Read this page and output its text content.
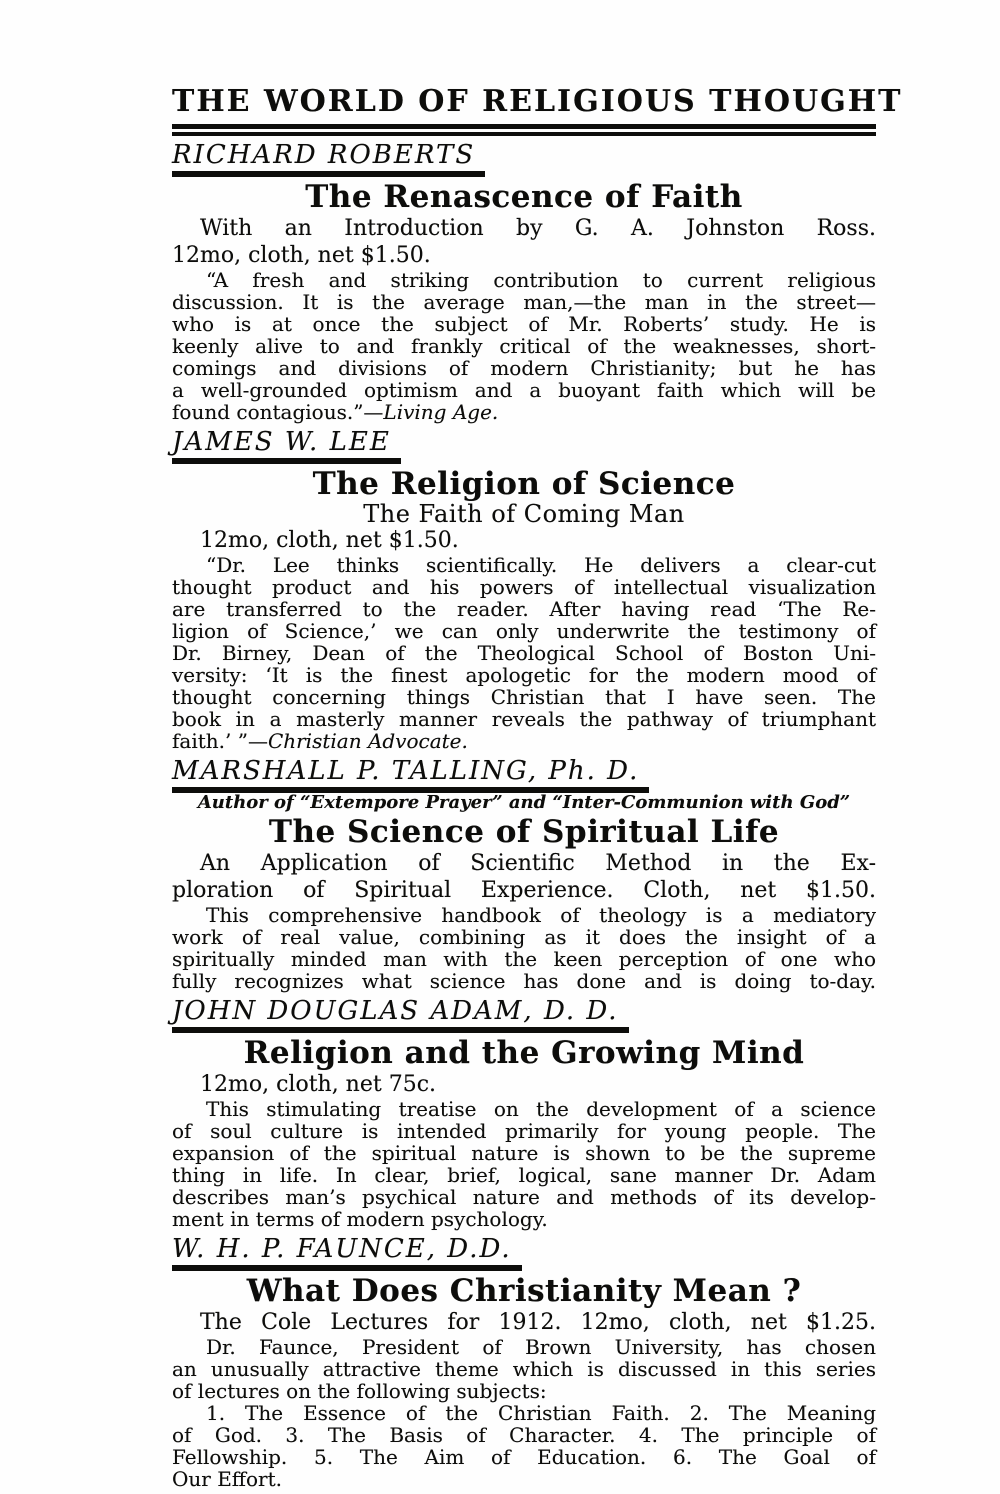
THE WORLD OF RELIGIOUS THOUGHT
RICHARD ROBERTS
The Renascence of Faith
With an Introduction by G. A. Johnston Ross.
12mo, cloth, net $1.50.
“A fresh and striking contribution to current religious
discussion. It is the average man,—the man in the street—
who is at once the subject of Mr. Roberts’ study. He is
keenly alive to and frankly critical of the weaknesses, short-
comings and divisions of modern Christianity; but he has
a well-grounded optimism and a buoyant faith which will be
found contagious.”—Living Age.
JAMES W. LEE
The Religion of Science
The Faith of Coming Man
12mo, cloth, net $1.50.
“Dr. Lee thinks scientifically. He delivers a clear-cut
thought product and his powers of intellectual visualization
are transferred to the reader. After having read ‘The Re-
ligion of Science,’ we can only underwrite the testimony of
Dr. Birney, Dean of the Theological School of Boston Uni-
versity: ‘It is the finest apologetic for the modern mood of
thought concerning things Christian that I have seen. The
book in a masterly manner reveals the pathway of triumphant
faith.’ ”—Christian Advocate.
MARSHALL P. TALLING, Ph. D.
Author of “Extempore Prayer” and “Inter-Communion with God”
The Science of Spiritual Life
An Application of Scientific Method in the Ex-
ploration of Spiritual Experience. Cloth, net $1.50.
This comprehensive handbook of theology is a mediatory
work of real value, combining as it does the insight of a
spiritually minded man with the keen perception of one who
fully recognizes what science has done and is doing to-day.
JOHN DOUGLAS ADAM, D. D.
Religion and the Growing Mind
12mo, cloth, net 75c.
This stimulating treatise on the development of a science
of soul culture is intended primarily for young people. The
expansion of the spiritual nature is shown to be the supreme
thing in life. In clear, brief, logical, sane manner Dr. Adam
describes man’s psychical nature and methods of its develop-
ment in terms of modern psychology.
W. H. P. FAUNCE, D.D.
What Does Christianity Mean ?
The Cole Lectures for 1912. 12mo, cloth, net $1.25.
Dr. Faunce, President of Brown University, has chosen
an unusually attractive theme which is discussed in this series
of lectures on the following subjects:
1. The Essence of the Christian Faith. 2. The Meaning
of God. 3. The Basis of Character. 4. The principle of
Fellowship. 5. The Aim of Education. 6. The Goal of
Our Effort.
